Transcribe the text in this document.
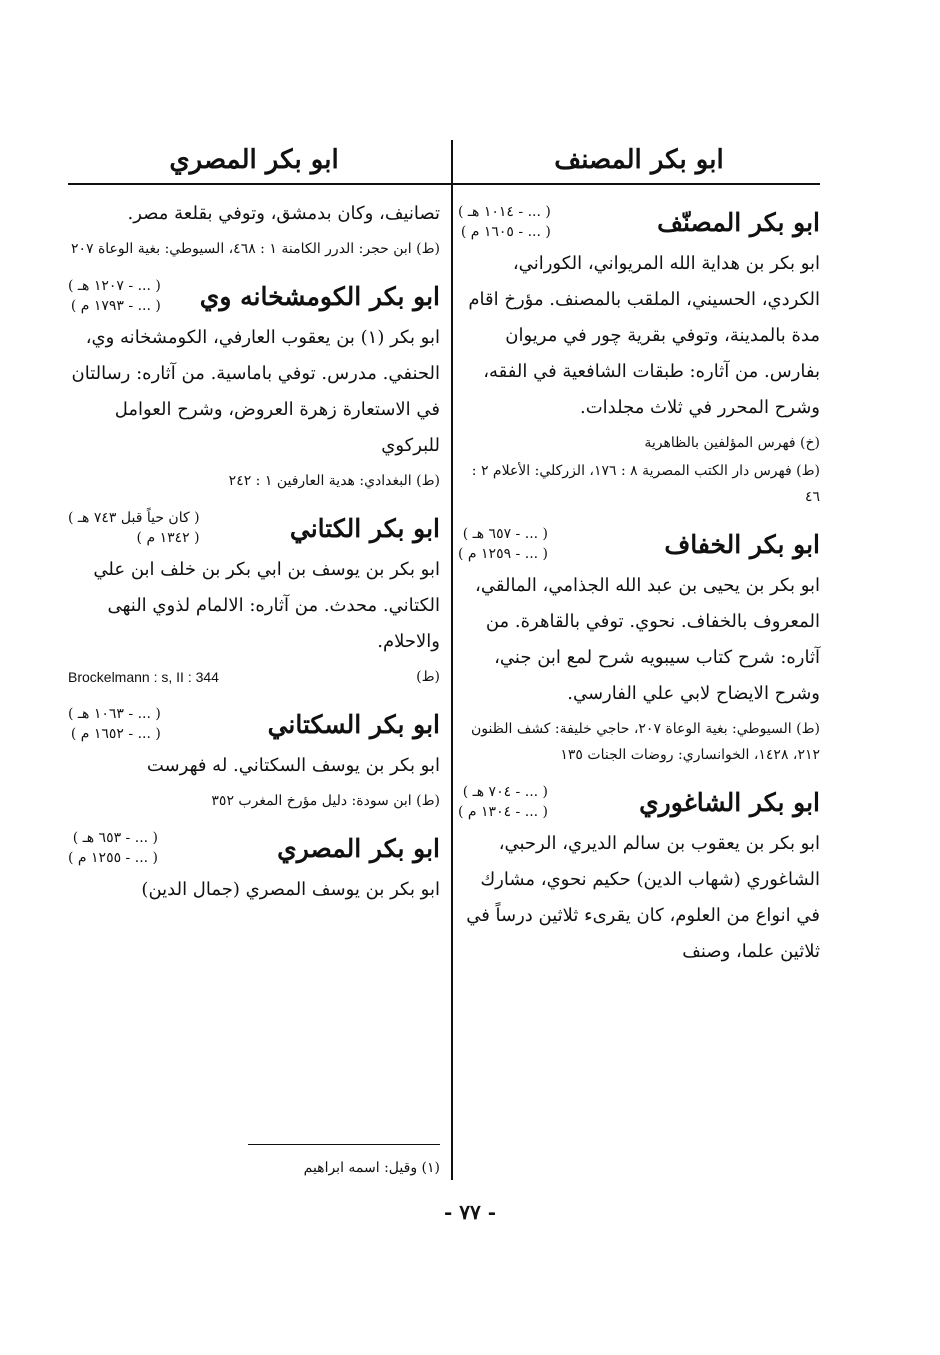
ابو بكر المصنف
ابو بكر المصري
ابو بكر المصنّف
( ... - ١٠١٤ هـ )
( ... - ١٦٠٥ م )
ابو بكر بن هداية الله المريواني، الكوراني، الكردي، الحسيني، الملقب بالمصنف. مؤرخ اقام مدة بالمدينة، وتوفي بقرية چور في مريوان بفارس. من آثاره: طبقات الشافعية في الفقه، وشرح المحرر في ثلاث مجلدات.
(خ) فهرس المؤلفين بالظاهرية
(ط) فهرس دار الكتب المصرية ٨ : ١٧٦، الزركلي: الأعلام ٢ : ٤٦
ابو بكر الخفاف
( ... - ٦٥٧ هـ )
( ... - ١٢٥٩ م )
ابو بكر بن يحيى بن عبد الله الجذامي، المالقي، المعروف بالخفاف. نحوي. توفي بالقاهرة. من آثاره: شرح كتاب سيبويه شرح لمع ابن جني، وشرح الايضاح لابي علي الفارسي.
(ط) السيوطي: بغية الوعاة ٢٠٧، حاجي خليفة: كشف الظنون ٢١٢، ١٤٢٨، الخوانساري: روضات الجنات ١٣٥
ابو بكر الشاغوري
( ... - ٧٠٤ هـ )
( ... - ١٣٠٤ م )
ابو بكر بن يعقوب بن سالم الديري، الرحبي، الشاغوري (شهاب الدين) حكيم نحوي، مشارك في انواع من العلوم، كان يقرىء ثلاثين درساً في ثلاثين علما، وصنف
تصانيف، وكان بدمشق، وتوفي بقلعة مصر.
(ط) ابن حجر: الدرر الكامنة ١ : ٤٦٨، السيوطي: بغية الوعاة ٢٠٧
ابو بكر الكومشخانه وي
( ... - ١٢٠٧ هـ )
( ... - ١٧٩٣ م )
ابو بكر (١) بن يعقوب العارفي، الكومشخانه وي، الحنفي. مدرس. توفي باماسية. من آثاره: رسالتان في الاستعارة زهرة العروض، وشرح العوامل للبركوي
(ط) البغدادي: هدية العارفين ١ : ٢٤٢
ابو بكر الكتاني
( كان حياً قبل ٧٤٣ هـ )
( ١٣٤٢ م )
ابو بكر بن يوسف بن ابي بكر بن خلف ابن علي الكتاني. محدث. من آثاره: الالمام لذوي النهى والاحلام.
(ط)
Brockelmann : s, II : 344
ابو بكر السكتاني
( ... - ١٠٦٣ هـ )
( ... - ١٦٥٢ م )
ابو بكر بن يوسف السكتاني. له فهرست
(ط) ابن سودة: دليل مؤرخ المغرب ٣٥٢
ابو بكر المصري
( ... - ٦٥٣ هـ )
( ... - ١٢٥٥ م )
ابو بكر بن يوسف المصري (جمال الدين)
(١) وقيل: اسمه ابراهيم
- ٧٧ -
